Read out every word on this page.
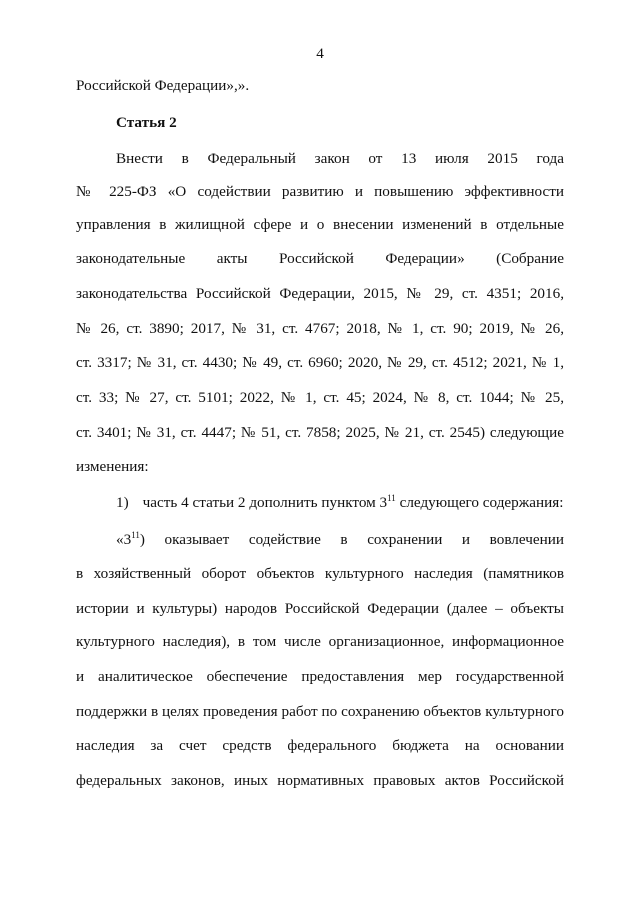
4
Российской Федерации»,».
Статья 2
Внести в Федеральный закон от 13 июля 2015 года
№ 225-ФЗ «О содействии развитию и повышению эффективности
управления в жилищной сфере и о внесении изменений в отдельные
законодательные акты Российской Федерации» (Собрание
законодательства Российской Федерации, 2015, № 29, ст. 4351; 2016,
№ 26, ст. 3890; 2017, № 31, ст. 4767; 2018, № 1, ст. 90; 2019, № 26,
ст. 3317; № 31, ст. 4430; № 49, ст. 6960; 2020, № 29, ст. 4512; 2021, № 1,
ст. 33; № 27, ст. 5101; 2022, № 1, ст. 45; 2024, № 8, ст. 1044; № 25,
ст. 3401; № 31, ст. 4447; № 51, ст. 7858; 2025, № 21, ст. 2545) следующие
изменения:
1) часть 4 статьи 2 дополнить пунктом $3^{11}$ следующего содержания:
«$3^{11}$) оказывает содействие в сохранении и вовлечении
в хозяйственный оборот объектов культурного наследия (памятников
истории и культуры) народов Российской Федерации (далее – объекты
культурного наследия), в том числе организационное, информационное
и аналитическое обеспечение предоставления мер государственной
поддержки в целях проведения работ по сохранению объектов культурного
наследия за счет средств федерального бюджета на основании
федеральных законов, иных нормативных правовых актов Российской
